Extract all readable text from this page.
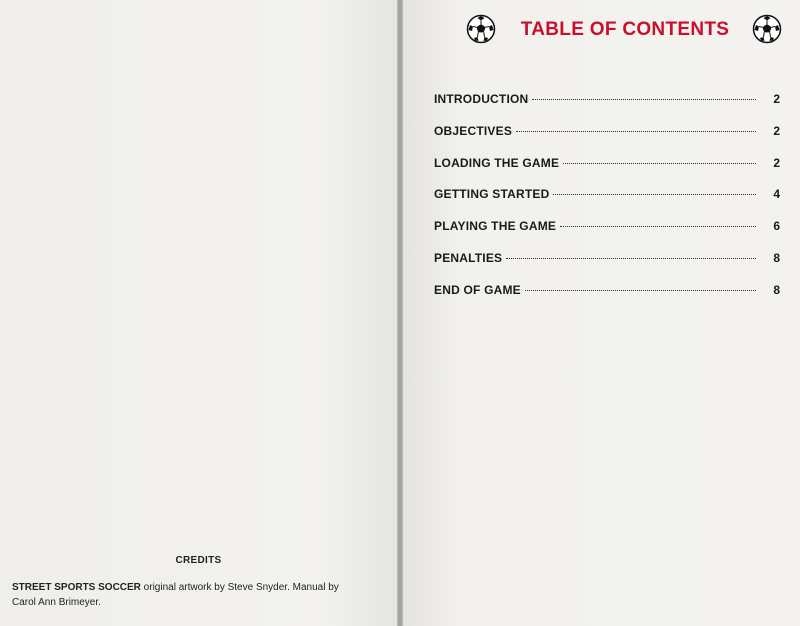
CREDITS
STREET SPORTS SOCCER original artwork by Steve Snyder. Manual by Carol Ann Brimeyer.
TABLE OF CONTENTS
INTRODUCTION	2
OBJECTIVES	2
LOADING THE GAME	2
GETTING STARTED	4
PLAYING THE GAME	6
PENALTIES	8
END OF GAME	8
